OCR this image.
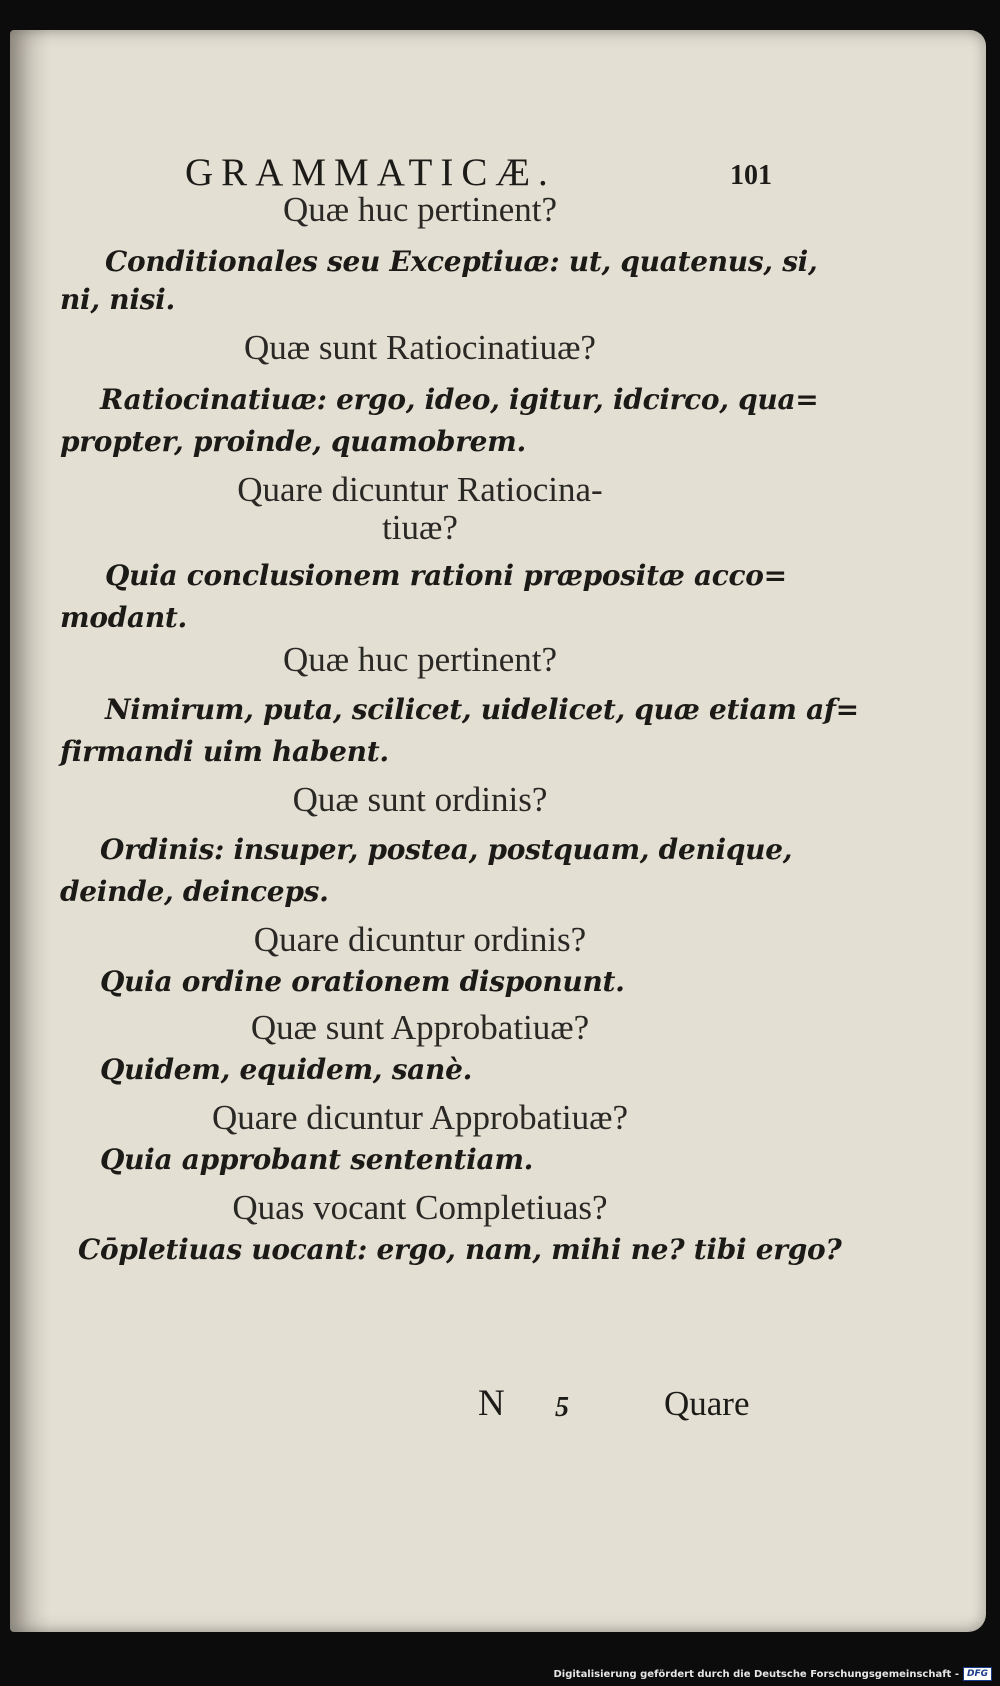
GRAMMATICÆ.	101

Quæ huc pertinent?

Conditionales seu Exceptiuæ: ut, quatenus, si,

ni, nisi.

Quæ sunt Ratiocinatiuæ?

Ratiocinatiuæ: ergo, ideo, igitur, idcirco, qua=

propter, proinde, quamobrem.

Quare dicuntur Ratiocina-

tiuæ?

Quia conclusionem rationi præpositæ acco=

modant.

Quæ huc pertinent?

Nimirum, puta, scilicet, uidelicet, quæ etiam af=

firmandi uim habent.

Quæ sunt ordinis?

Ordinis: insuper, postea, postquam, denique,

deinde, deinceps.

Quare dicuntur ordinis?

Quia ordine orationem disponunt.

Quæ sunt Approbatiuæ?

Quidem, equidem, sanè.

Quare dicuntur Approbatiuæ?

Quia approbant sententiam.

Quas vocant Completiuas?

Cōpletiuas uocant: ergo, nam, mihi ne? tibi ergo?

N 5	Quare
Digitalisierung gefördert durch die Deutsche Forschungsgemeinschaft - DFG
